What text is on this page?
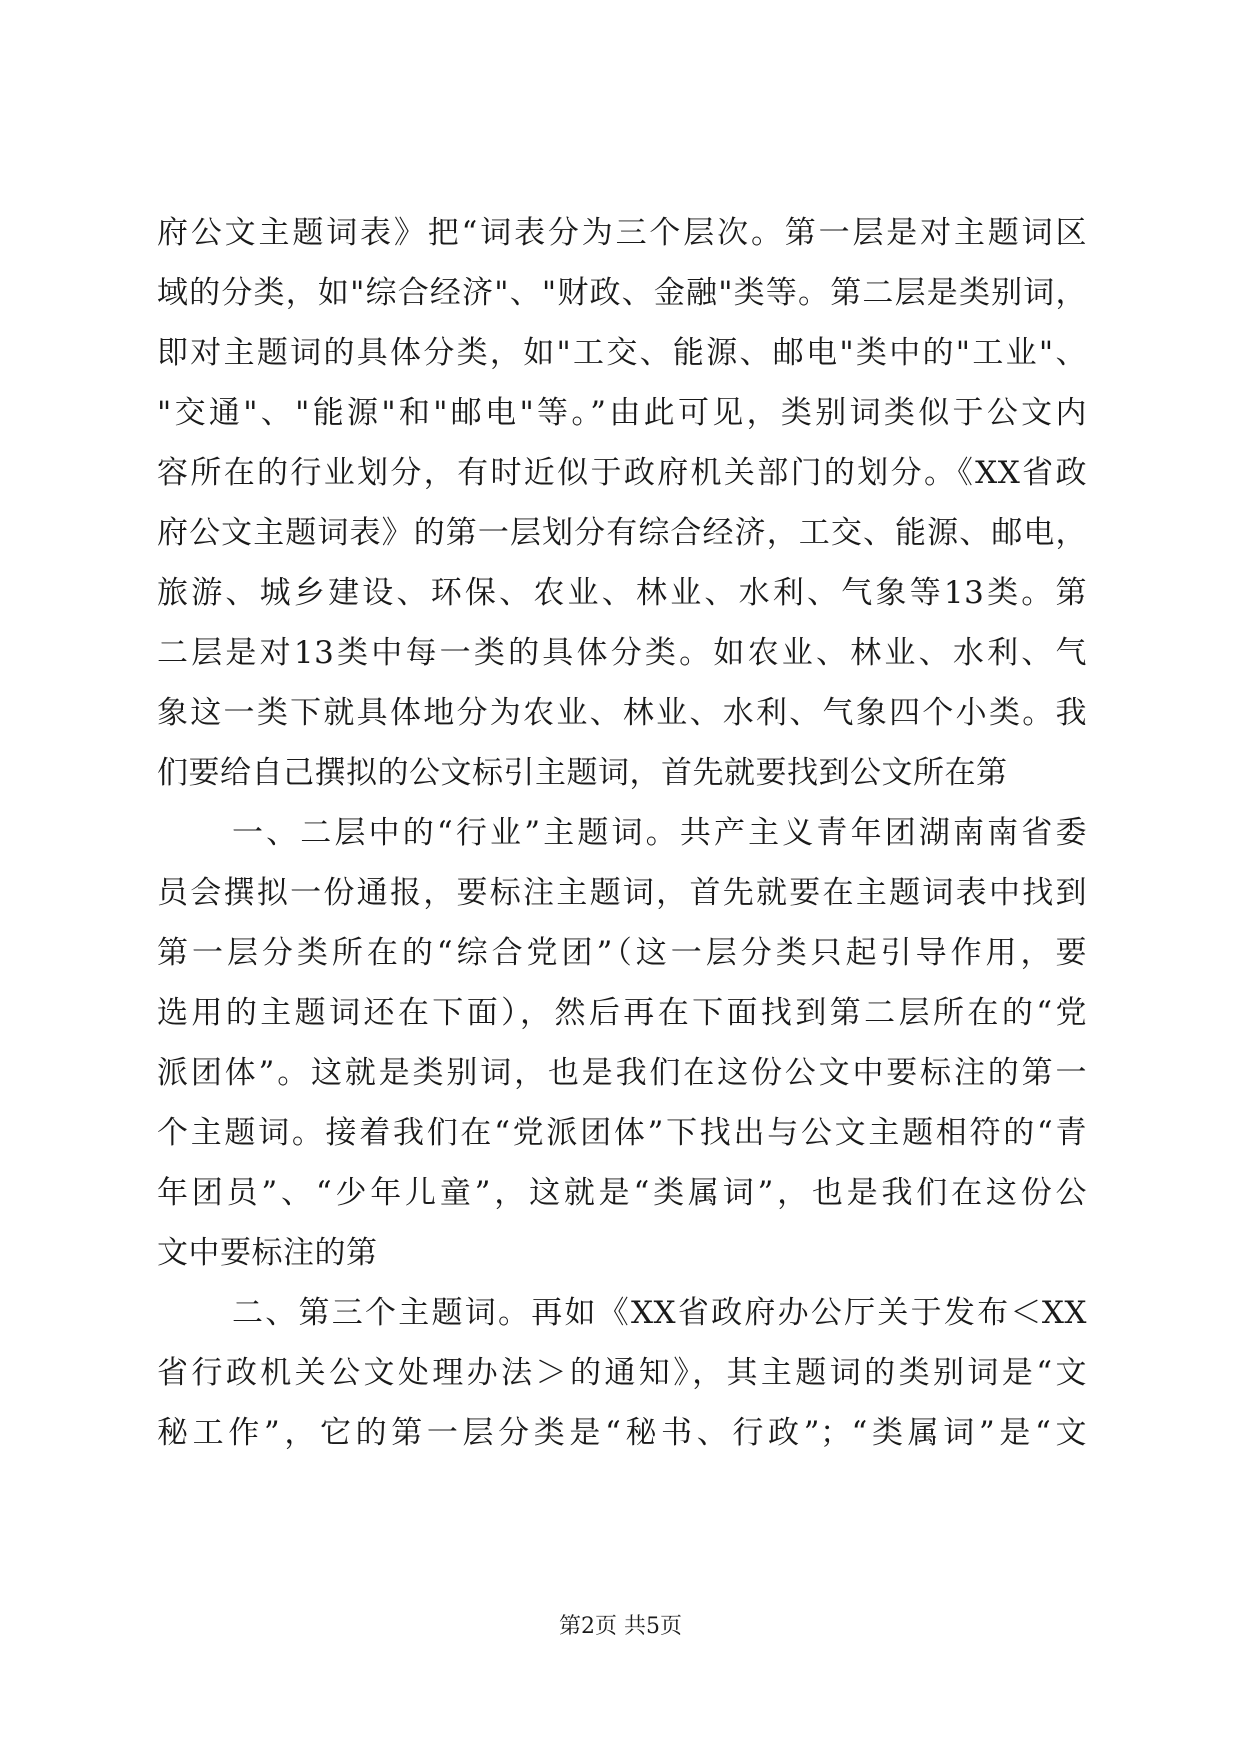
府公文主题词表》把“词表分为三个层次。第一层是对主题词区
域的分类，如"综合经济"、"财政、金融"类等。第二层是类别词，
即对主题词的具体分类，如"工交、能源、邮电"类中的"工业"、
"交通"、"能源"和"邮电"等。”由此可见，类别词类似于公文内
容所在的行业划分，有时近似于政府机关部门的划分。《XX省政
府公文主题词表》的第一层划分有综合经济，工交、能源、邮电，
旅游、城乡建设、环保、农业、林业、水利、气象等13类。第
二层是对13类中每一类的具体分类。如农业、林业、水利、气
象这一类下就具体地分为农业、林业、水利、气象四个小类。我
们要给自己撰拟的公文标引主题词，首先就要找到公文所在第
一、二层中的“行业”主题词。共产主义青年团湖南南省委
员会撰拟一份通报，要标注主题词，首先就要在主题词表中找到
第一层分类所在的“综合党团”（这一层分类只起引导作用，要
选用的主题词还在下面），然后再在下面找到第二层所在的“党
派团体”。这就是类别词，也是我们在这份公文中要标注的第一
个主题词。接着我们在“党派团体”下找出与公文主题相符的“青
年团员”、“少年儿童”，这就是“类属词”，也是我们在这份公
文中要标注的第
二、第三个主题词。再如《XX省政府办公厅关于发布＜XX
省行政机关公文处理办法＞的通知》，其主题词的类别词是“文
秘工作”，它的第一层分类是“秘书、行政”；“类属词”是“文
第2页 共5页
